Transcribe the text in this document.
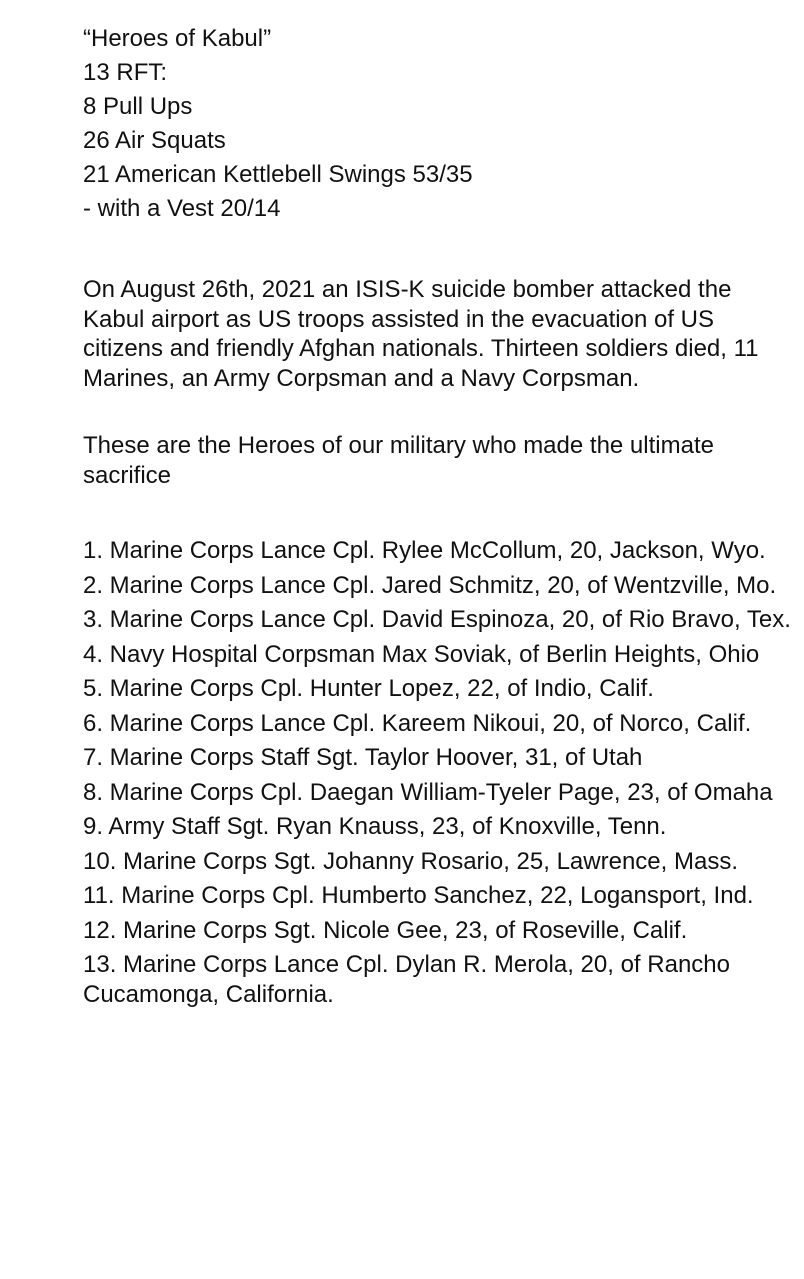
“Heroes of Kabul”
13 RFT:
8 Pull Ups
26 Air Squats
21 American Kettlebell Swings 53/35
- with a Vest 20/14
On August 26th, 2021 an ISIS-K suicide bomber attacked the Kabul airport as US troops assisted in the evacuation of US citizens and friendly Afghan nationals. Thirteen soldiers died, 11 Marines, an Army Corpsman and a Navy Corpsman.
These are the Heroes of our military who made the ultimate sacrifice
1. Marine Corps Lance Cpl. Rylee McCollum, 20, Jackson, Wyo.
2. Marine Corps Lance Cpl. Jared Schmitz, 20, of Wentzville, Mo.
3. Marine Corps Lance Cpl. David Espinoza, 20, of Rio Bravo, Tex.
4. Navy Hospital Corpsman Max Soviak, of Berlin Heights, Ohio
5. Marine Corps Cpl. Hunter Lopez, 22, of Indio, Calif.
6. Marine Corps Lance Cpl. Kareem Nikoui, 20, of Norco, Calif.
7. Marine Corps Staff Sgt. Taylor Hoover, 31, of Utah
8. Marine Corps Cpl. Daegan William-Tyeler Page, 23, of Omaha
9. Army Staff Sgt. Ryan Knauss, 23, of Knoxville, Tenn.
10. Marine Corps Sgt. Johanny Rosario, 25, Lawrence, Mass.
11. Marine Corps Cpl. Humberto Sanchez, 22, Logansport, Ind.
12. Marine Corps Sgt. Nicole Gee, 23, of Roseville, Calif.
13. Marine Corps Lance Cpl. Dylan R. Merola, 20, of Rancho Cucamonga, California.
